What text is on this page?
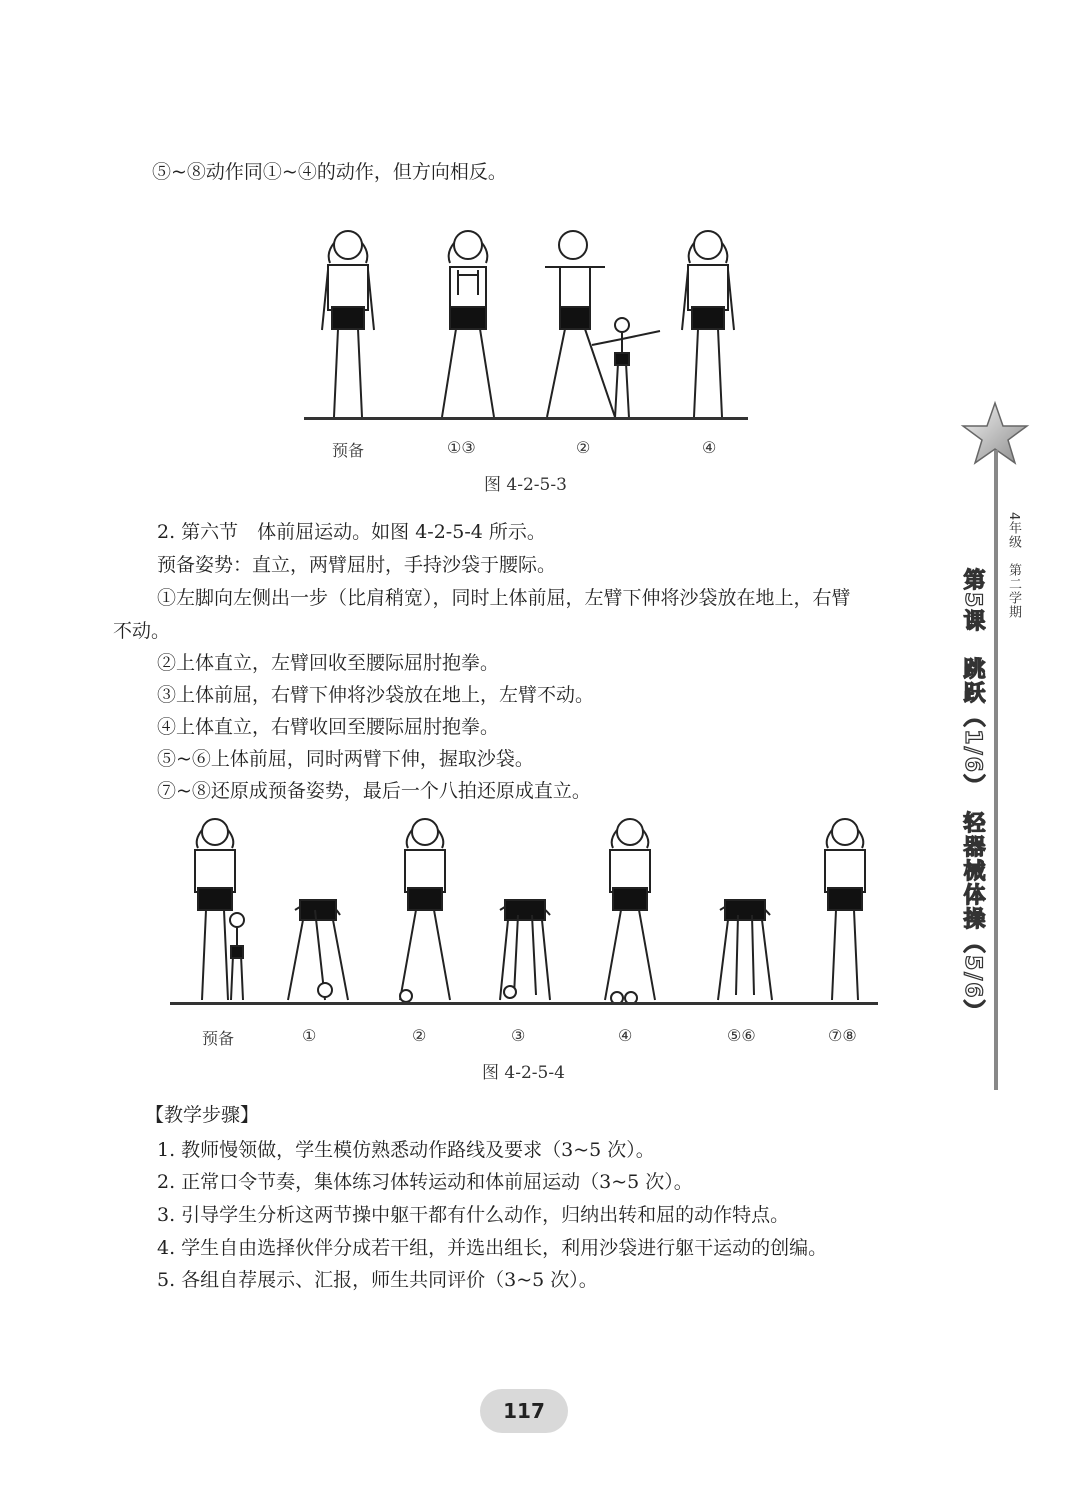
⑤~⑧动作同①~④的动作，但方向相反。
预备	①③	②	④
图 4-2-5-3
2. 第六节　体前屈运动。如图 4-2-5-4 所示。
预备姿势：直立，两臂屈肘，手持沙袋于腰际。
①左脚向左侧出一步（比肩稍宽），同时上体前屈，左臂下伸将沙袋放在地上，右臂
不动。
②上体直立，左臂回收至腰际屈肘抱拳。
③上体前屈，右臂下伸将沙袋放在地上，左臂不动。
④上体直立，右臂收回至腰际屈肘抱拳。
⑤~⑥上体前屈，同时两臂下伸，握取沙袋。
⑦~⑧还原成预备姿势，最后一个八拍还原成直立。
预备	①	②	③	④	⑤⑥	⑦⑧
图 4-2-5-4
【教学步骤】
1. 教师慢领做，学生模仿熟悉动作路线及要求（3~5 次）。
2. 正常口令节奏，集体练习体转运动和体前屈运动（3~5 次）。
3. 引导学生分析这两节操中躯干都有什么动作，归纳出转和屈的动作特点。
4. 学生自由选择伙伴分成若干组，并选出组长，利用沙袋进行躯干运动的创编。
5. 各组自荐展示、汇报，师生共同评价（3~5 次）。
4年级　第二学期
第5课　跳跃（1/6）　轻器械体操（5/6）
117
